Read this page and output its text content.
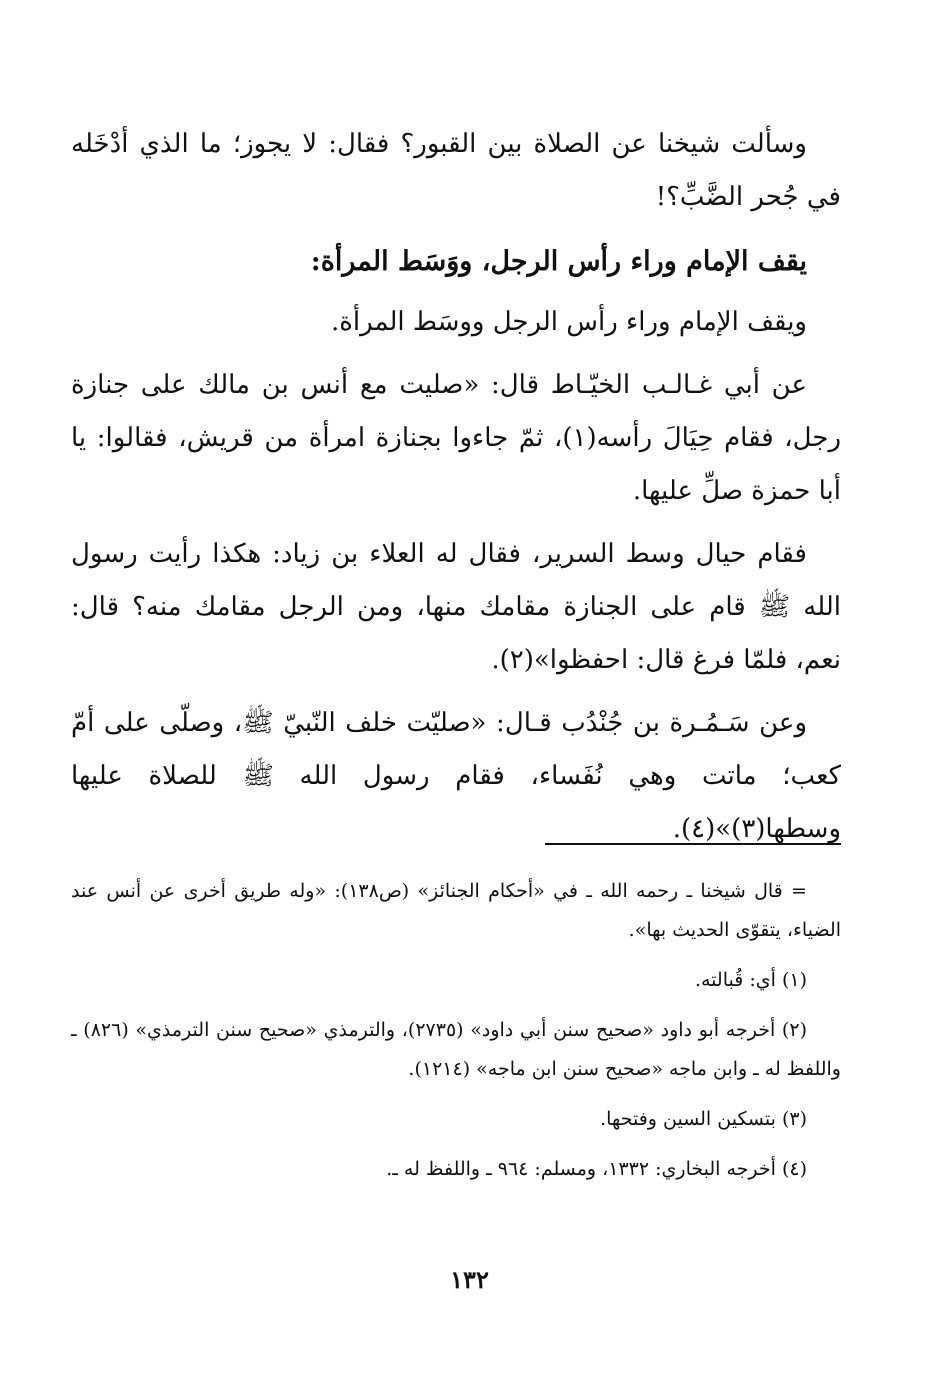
وسألت شيخنا عن الصلاة بين القبور؟ فقال: لا يجوز؛ ما الذي أدْخَله في جُحر الضَّبِّ؟!

يقف الإمام وراء رأس الرجل، ووَسَط المرأة:

ويقف الإمام وراء رأس الرجل ووسَط المرأة.

عن أبي غـالـب الخيّـاط قال: «صليت مع أنس بن مالك على جنازة رجل، فقام حِيَالَ رأسه(١)، ثمّ جاءوا بجنازة امرأة من قريش، فقالوا: يا أبا حمزة صلِّ عليها.

فقام حيال وسط السرير، فقال له العلاء بن زياد: هكذا رأيت رسول الله ﷺ قام على الجنازة مقامك منها، ومن الرجل مقامك منه؟ قال: نعم، فلمّا فرغ قال: احفظوا»(٢).

وعن سَـمُـرة بن جُنْدُب قـال: «صليّت خلف النّبيّ ﷺ، وصلّى على أمّ كعب؛ ماتت وهي نُفَساء، فقام رسول الله ﷺ للصلاة عليها وسطها(٣)»(٤).

= قال شيخنا ـ رحمه الله ـ في «أحكام الجنائز» (ص١٣٨): «وله طريق أخرى عن أنس عند الضياء، يتقوّى الحديث بها».

(١) أي: قُبالته.

(٢) أخرجه أبو داود «صحيح سنن أبي داود» (٢٧٣٥)، والترمذي «صحيح سنن الترمذي» (٨٢٦) ـ واللفظ له ـ وابن ماجه «صحيح سنن ابن ماجه» (١٢١٤).

(٣) بتسكين السين وفتحها.

(٤) أخرجه البخاري: ١٣٣٢، ومسلم: ٩٦٤ ـ واللفظ له ـ.

١٣٢
